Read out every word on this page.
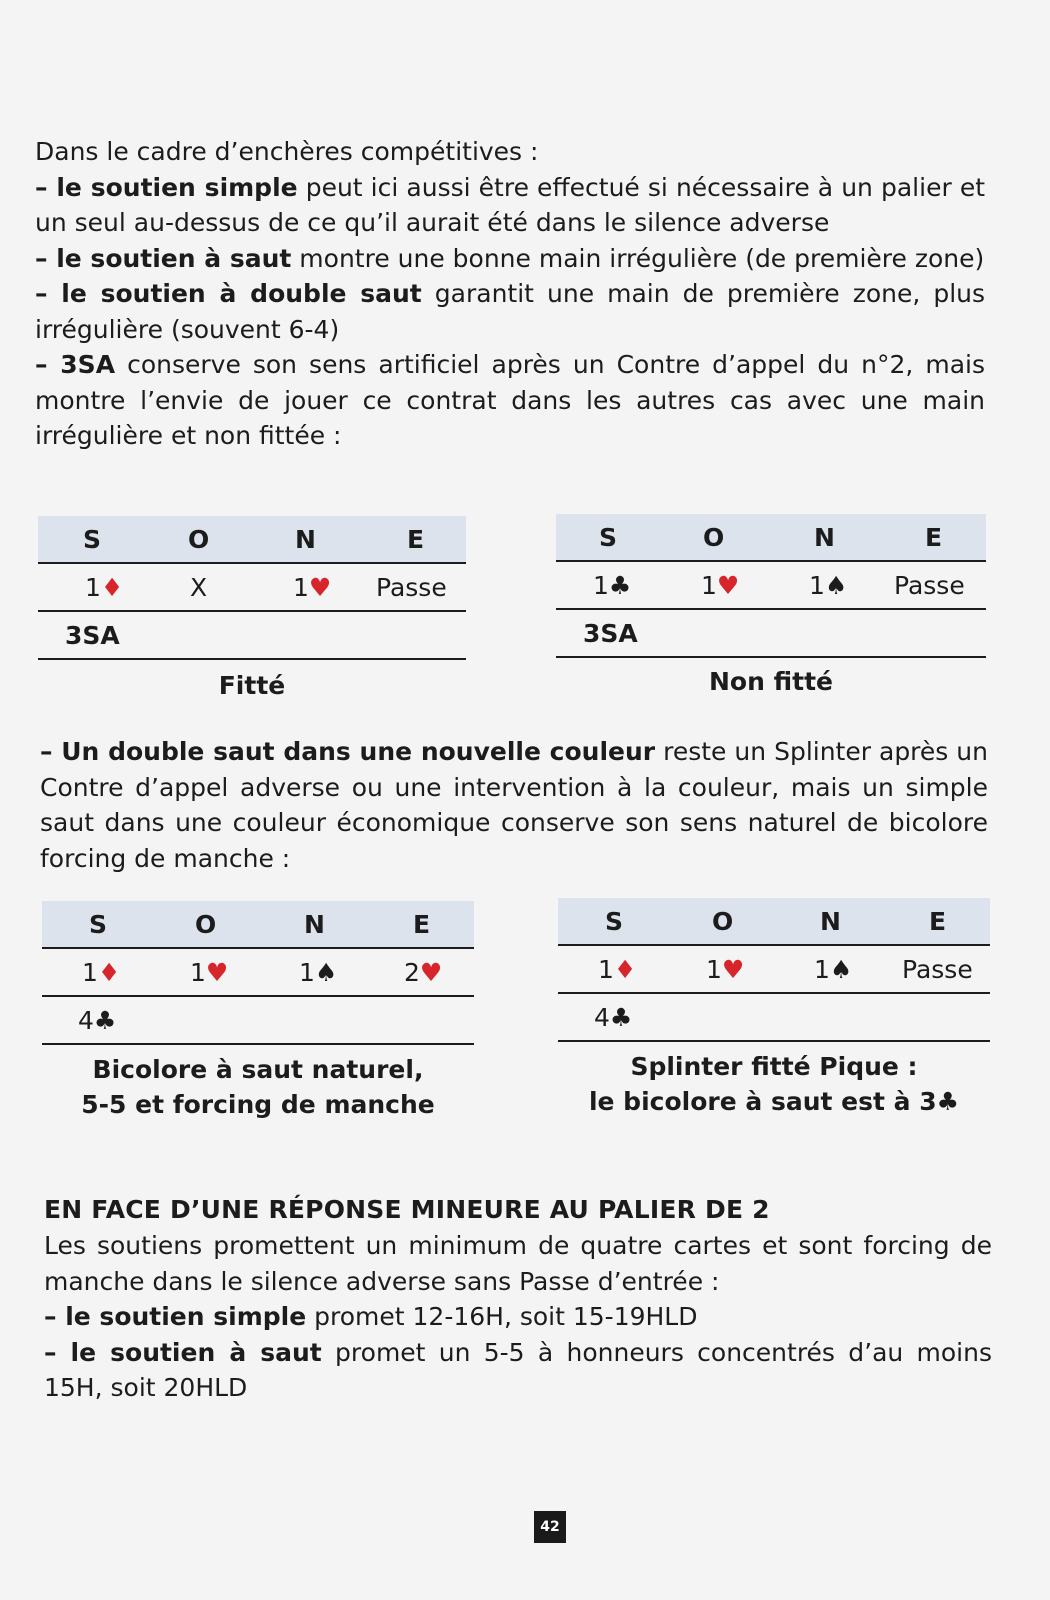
Dans le cadre d’enchères compétitives :

– le soutien simple peut ici aussi être effectué si nécessaire à un palier et un seul au-dessus de ce qu’il aurait été dans le silence adverse

– le soutien à saut montre une bonne main irrégulière (de première zone)

– le soutien à double saut garantit une main de première zone, plus irrégulière (souvent 6-4)

– 3SA conserve son sens artificiel après un Contre d’appel du n°2, mais montre l’envie de jouer ce contrat dans les autres cas avec une main irrégulière et non fittée :

S	O	N	E
1♦	X	1♥ Passe
3SA
Fitté
S	O	N	E
1♣	1♥	1♠ Passe
3SA
Non fitté

– Un double saut dans une nouvelle couleur reste un Splinter après un Contre d’appel adverse ou une intervention à la couleur, mais un simple saut dans une couleur économique conserve son sens naturel de bicolore forcing de manche :

S	O	N	E
1♦	1♥	1♠	2♥
4♣
Bicolore à saut naturel,
5-5 et forcing de manche
S	O	N	E
1♦	1♥	1♠ Passe
4♣
Splinter fitté Pique :
le bicolore à saut est à 3♣
EN FACE D’UNE RÉPONSE MINEURE AU PALIER DE 2

Les soutiens promettent un minimum de quatre cartes et sont forcing de manche dans le silence adverse sans Passe d’entrée :

– le soutien simple promet 12-16H, soit 15-19HLD

– le soutien à saut promet un 5-5 à honneurs concentrés d’au moins 15H, soit 20HLD

42
